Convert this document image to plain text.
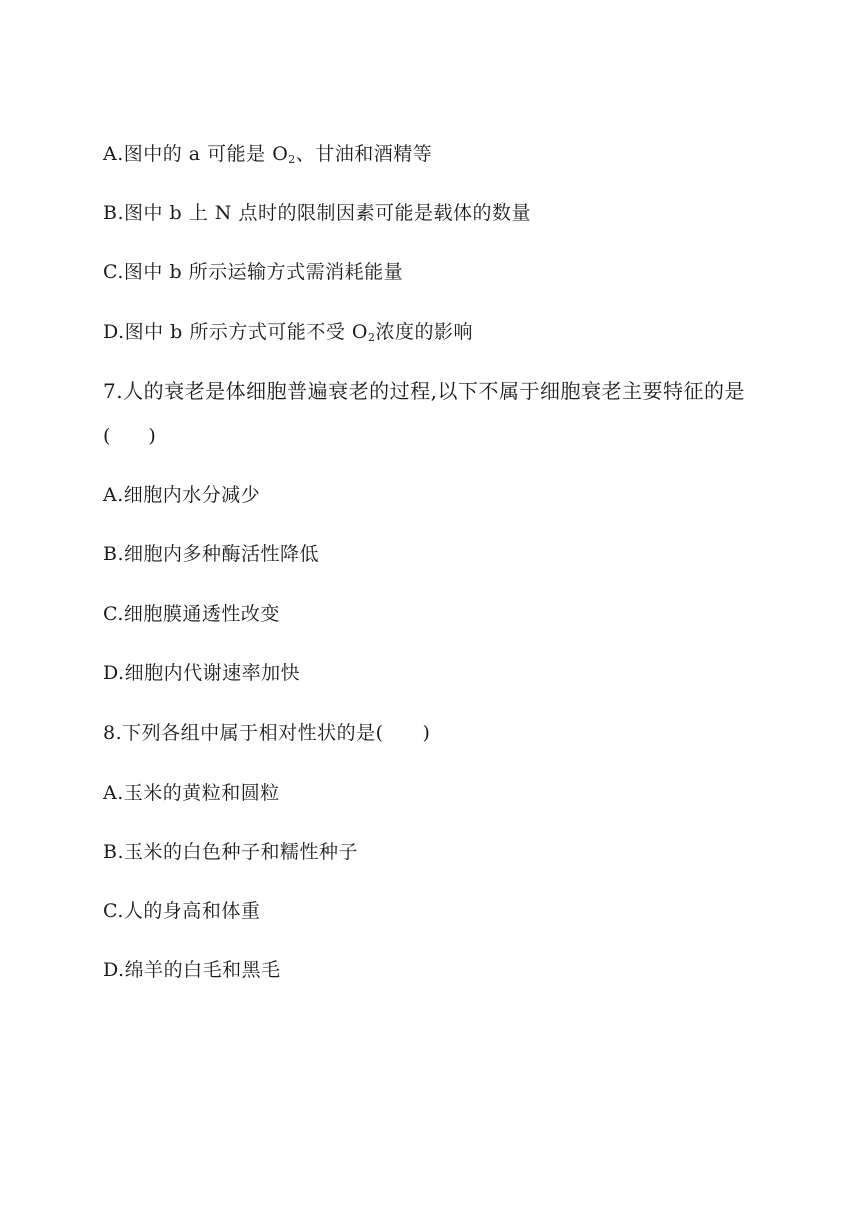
A.图中的 a 可能是 $O_2$、甘油和酒精等
B.图中 b 上 N 点时的限制因素可能是载体的数量
C.图中 b 所示运输方式需消耗能量
D.图中 b 所示方式可能不受 $O_2$浓度的影响
7.人的衰老是体细胞普遍衰老的过程,以下不属于细胞衰老主要特征的是
(　　)
A.细胞内水分减少
B.细胞内多种酶活性降低
C.细胞膜通透性改变
D.细胞内代谢速率加快
8.下列各组中属于相对性状的是(　　)
A.玉米的黄粒和圆粒
B.玉米的白色种子和糯性种子
C.人的身高和体重
D.绵羊的白毛和黑毛
